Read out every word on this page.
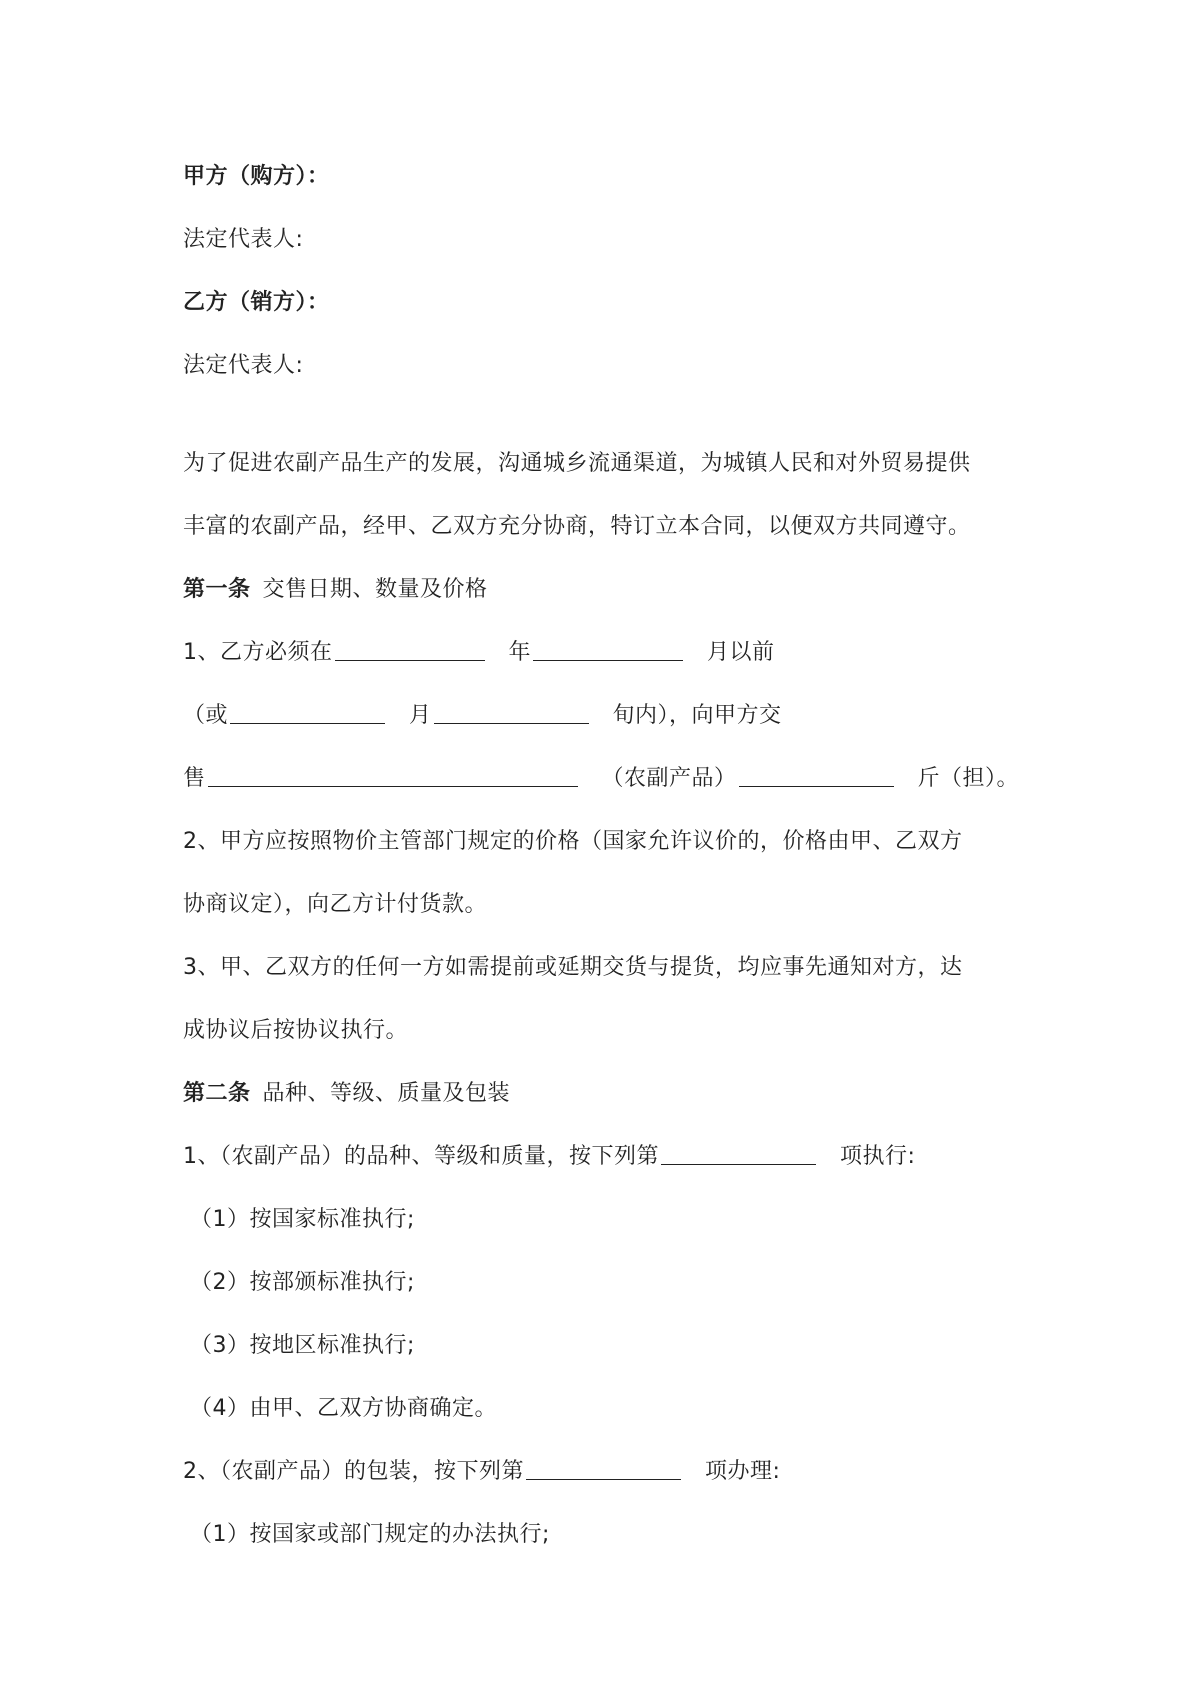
甲方（购方）：
法定代表人:
乙方（销方）：
法定代表人:
为了促进农副产品生产的发展，沟通城乡流通渠道，为城镇人民和对外贸易提供
丰富的农副产品，经甲、乙双方充分协商，特订立本合同，以便双方共同遵守。
第一条 交售日期、数量及价格
1、乙方必须在	年	月以前
（或	月	旬内），向甲方交
售	（农副产品）	斤（担）。
2、甲方应按照物价主管部门规定的价格（国家允许议价的，价格由甲、乙双方
协商议定），向乙方计付货款。
3、甲、乙双方的任何一方如需提前或延期交货与提货，均应事先通知对方，达
成协议后按协议执行。
第二条 品种、等级、质量及包装
1、（农副产品）的品种、等级和质量，按下列第	项执行:
（1）按国家标准执行;
（2）按部颁标准执行;
（3）按地区标准执行;
（4）由甲、乙双方协商确定。
2、（农副产品）的包装，按下列第	项办理:
（1）按国家或部门规定的办法执行;
